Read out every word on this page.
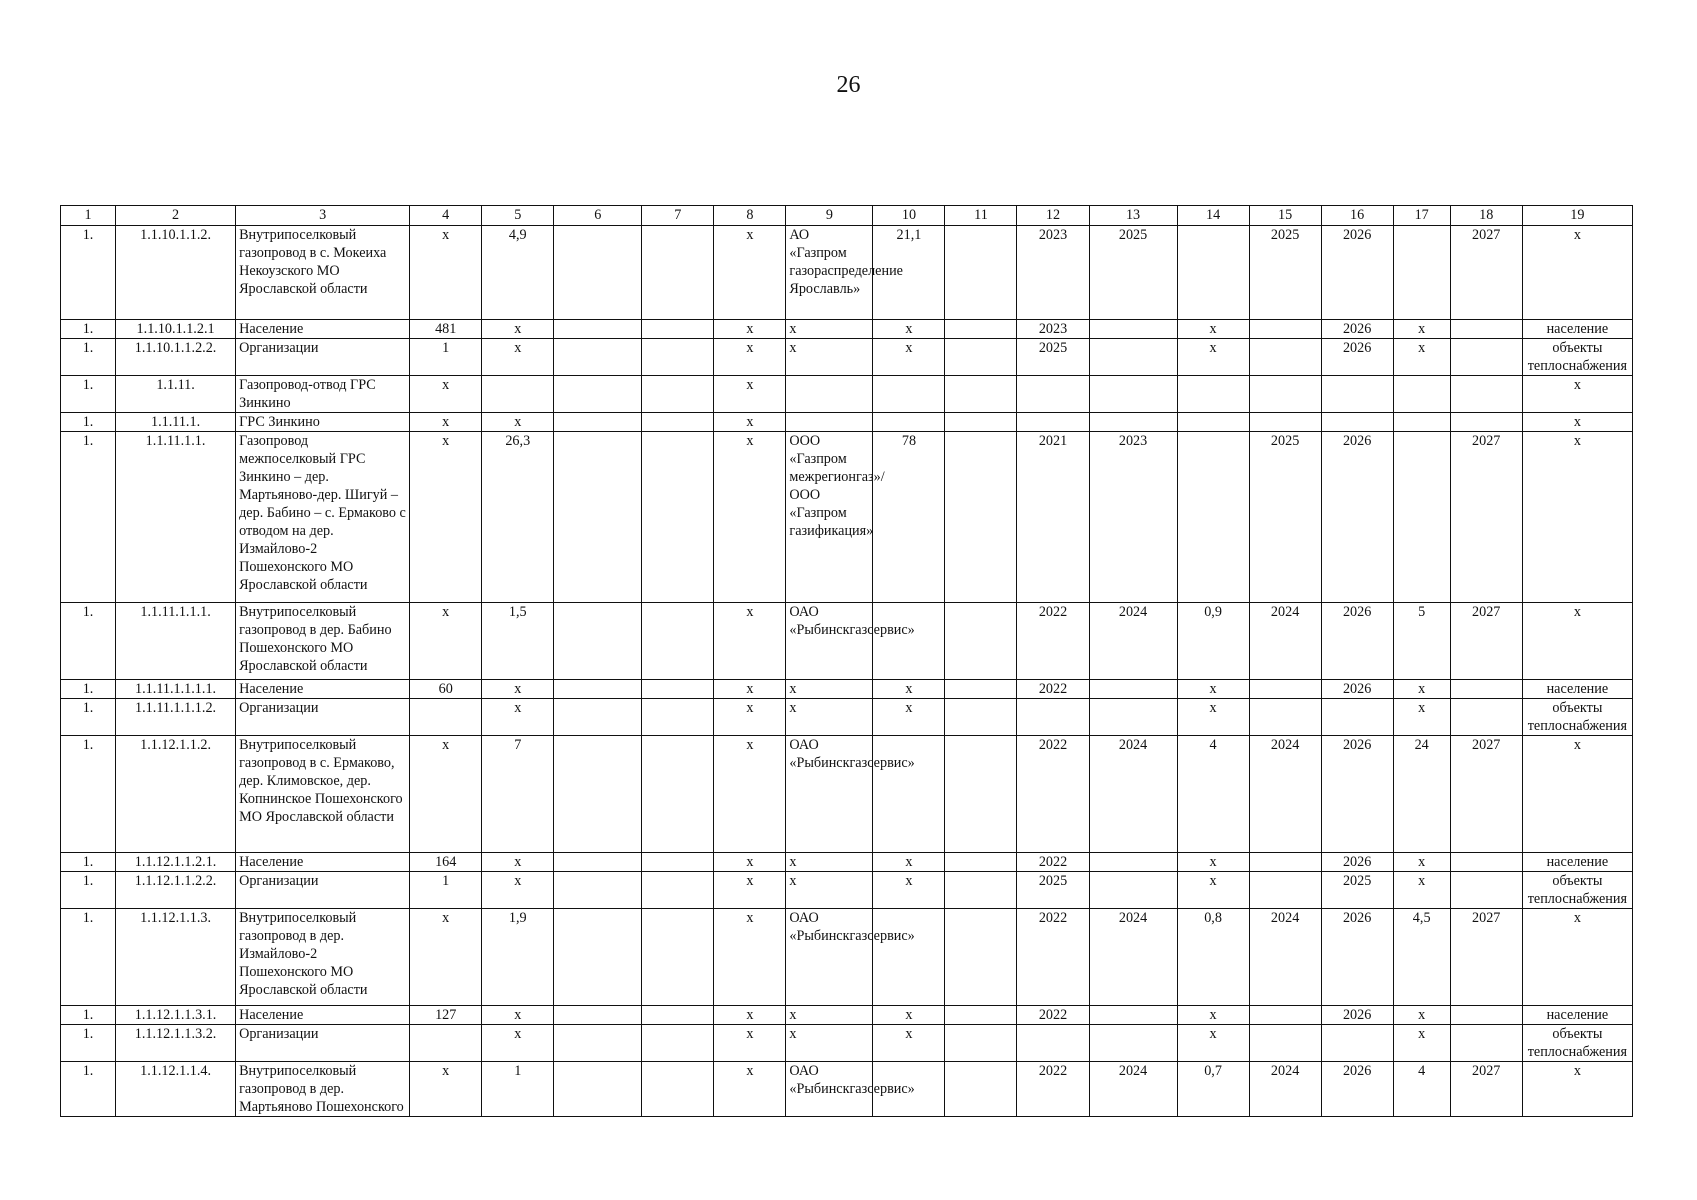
26
1	2	3	4	5	6	7	8	9	10	11	12	13	14	15	16	17	18	19
1.	1.1.10.1.1.2.	Внутрипоселковый газопровод в с. Мокеиха Некоузского МО Ярославской области	х	4,9			х	АО «Газпром газораспределение Ярославль»	21,1		2023	2025		2025	2026		2027	х
1.	1.1.10.1.1.2.1	Население	481	х			х	х	х		2023		х		2026	х		население
1.	1.1.10.1.1.2.2.	Организации	1	х			х	х	х		2025		х		2026	х		объекты теплоснабжения
1.	1.1.11.	Газопровод-отвод ГРС Зинкино	х				х											х
1.	1.1.11.1.	ГРС Зинкино	х	х			х											х
1.	1.1.11.1.1.	Газопровод межпоселковый ГРС Зинкино – дер. Мартьяново-дер. Шигуй – дер. Бабино – с. Ермаково с отводом на дер. Измайлово-2 Пошехонского МО Ярославской области	х	26,3			х	ООО «Газпром межрегионгаз»/ ООО «Газпром газификация»	78		2021	2023		2025	2026		2027	х
1.	1.1.11.1.1.1.	Внутрипоселковый газопровод в дер. Бабино Пошехонского МО Ярославской области	х	1,5			х	ОАО «Рыбинскгазсервис»			2022	2024	0,9	2024	2026	5	2027	х
1.	1.1.11.1.1.1.1.	Население	60	х			х	х	х		2022		х		2026	х		население
1.	1.1.11.1.1.1.2.	Организации		х			х	х	х				х			х		объекты теплоснабжения
1.	1.1.12.1.1.2.	Внутрипоселковый газопровод в с. Ермаково, дер. Климовское, дер. Копнинское Пошехонского МО Ярославской области	х	7			х	ОАО «Рыбинскгазсервис»			2022	2024	4	2024	2026	24	2027	х
1.	1.1.12.1.1.2.1.	Население	164	х			х	х	х		2022		х		2026	х		население
1.	1.1.12.1.1.2.2.	Организации	1	х			х	х	х		2025		х		2025	х		объекты теплоснабжения
1.	1.1.12.1.1.3.	Внутрипоселковый газопровод в дер. Измайлово-2 Пошехонского МО Ярославской области	х	1,9			х	ОАО «Рыбинскгазсервис»			2022	2024	0,8	2024	2026	4,5	2027	х
1.	1.1.12.1.1.3.1.	Население	127	х			х	х	х		2022		х		2026	х		население
1.	1.1.12.1.1.3.2.	Организации		х			х	х	х				х			х		объекты теплоснабжения
1.	1.1.12.1.1.4.	Внутрипоселковый газопровод в дер. Мартьяново Пошехонского	х	1			х	ОАО «Рыбинскгазсервис»			2022	2024	0,7	2024	2026	4	2027	х
